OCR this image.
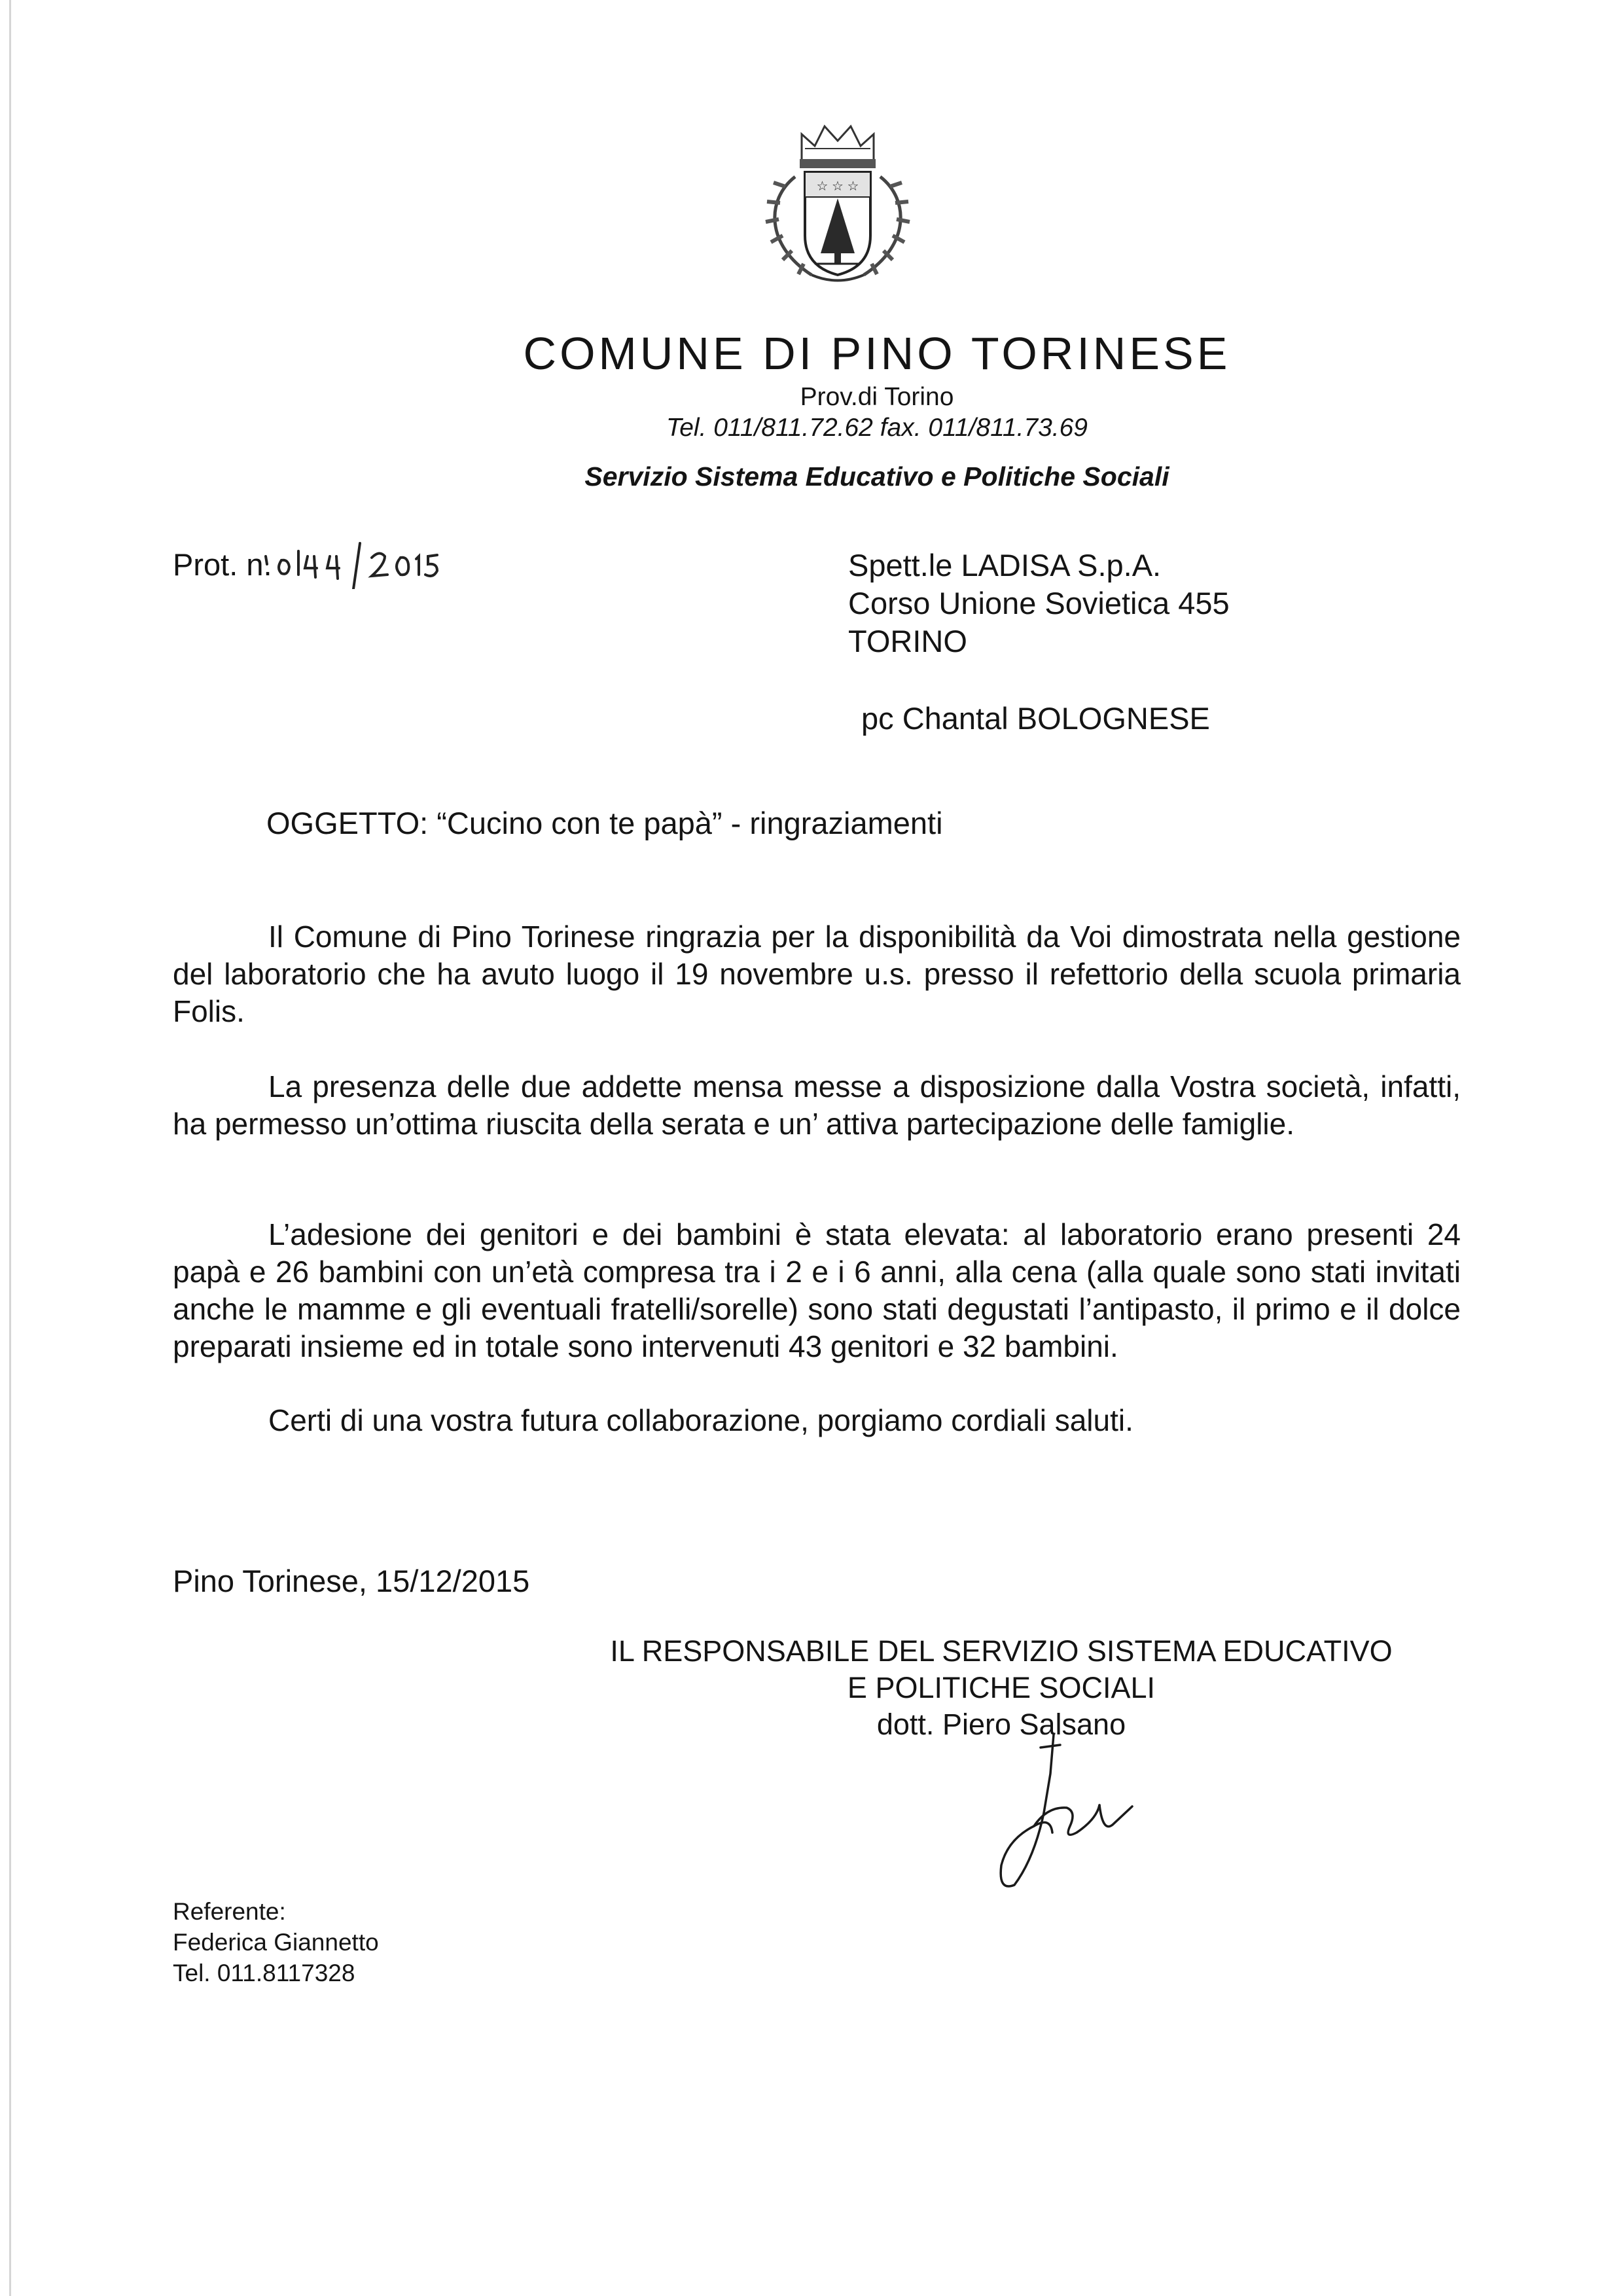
☆ ☆ ☆
COMUNE DI PINO TORINESE
Prov.di Torino
Tel. 011/811.72.62 fax. 011/811.73.69
Servizio Sistema Educativo e Politiche Sociali
Prot. n.	Spett.le LADISA S.p.A.
Corso Unione Sovietica 455
TORINO
pc Chantal BOLOGNESE
OGGETTO: “Cucino con te papà” - ringraziamenti
Il Comune di Pino Torinese ringrazia per la disponibilità da Voi dimostrata nella gestione del laboratorio che ha avuto luogo il 19 novembre u.s. presso il refettorio della scuola primaria Folis.
La presenza delle due addette mensa messe a disposizione dalla Vostra società, infatti, ha permesso un’ottima riuscita della serata e un’ attiva partecipazione delle famiglie.
L’adesione dei genitori e dei bambini è stata elevata: al laboratorio erano presenti 24 papà e 26 bambini con un’età compresa tra i 2 e i 6 anni, alla cena (alla quale sono stati invitati anche le mamme e gli eventuali fratelli/sorelle) sono stati degustati l’antipasto, il primo e il dolce preparati insieme ed in totale sono intervenuti 43 genitori e 32 bambini.
Certi di una vostra futura collaborazione, porgiamo cordiali saluti.
Pino Torinese, 15/12/2015
IL RESPONSABILE DEL SERVIZIO SISTEMA EDUCATIVO
E POLITICHE SOCIALI
dott. Piero Salsano
Referente:
Federica Giannetto
Tel. 011.8117328
